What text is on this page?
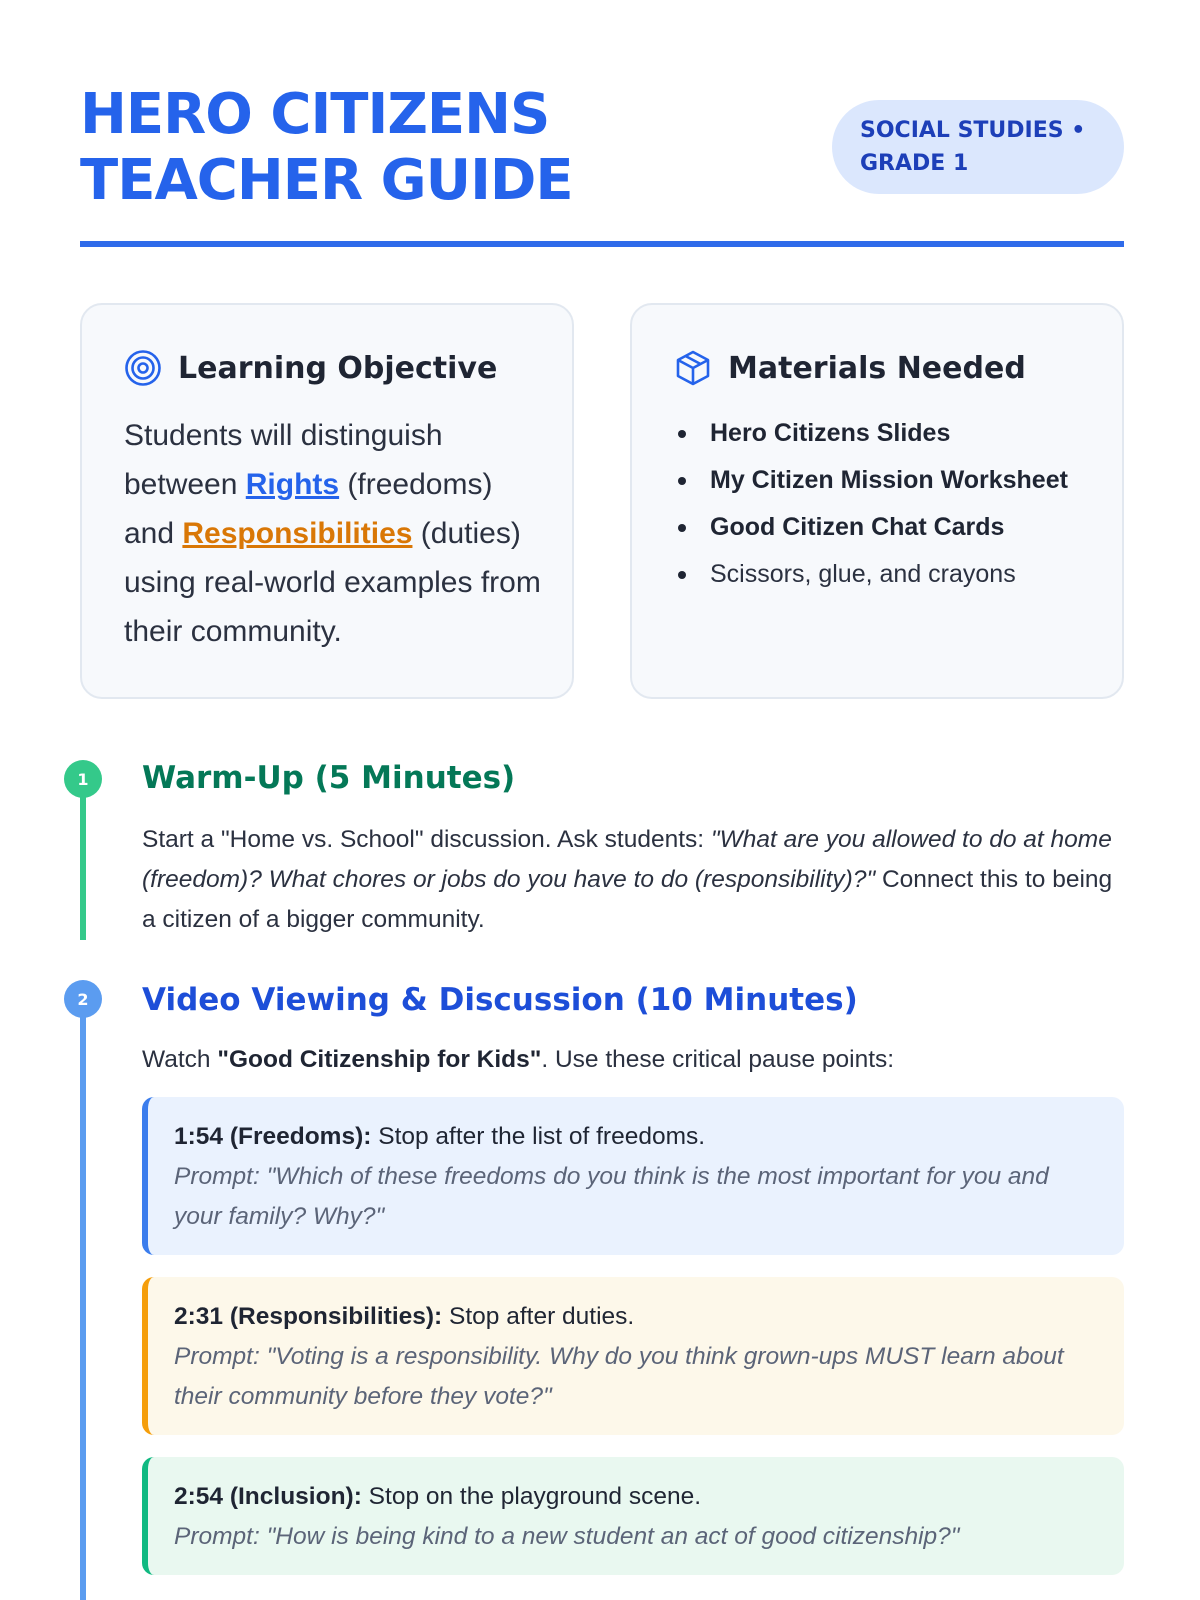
HERO CITIZENS
TEACHER GUIDE
SOCIAL STUDIES •
GRADE 1
Learning Objective

Students will distinguish between Rights (freedoms) and Responsibilities (duties) using real-world examples from their community.

Materials Needed
Hero Citizens Slides
My Citizen Mission Worksheet
Good Citizen Chat Cards
Scissors, glue, and crayons
1	Warm-Up (5 Minutes)

Start a "Home vs. School" discussion. Ask students: "What are you allowed to do at home (freedom)? What chores or jobs do you have to do (responsibility)?" Connect this to being a citizen of a bigger community.

2	Video Viewing & Discussion (10 Minutes)

Watch "Good Citizenship for Kids". Use these critical pause points:

1:54 (Freedoms): Stop after the list of freedoms.
Prompt: "Which of these freedoms do you think is the most important for you and your family? Why?"
2:31 (Responsibilities): Stop after duties.
Prompt: "Voting is a responsibility. Why do you think grown-ups MUST learn about their community before they vote?"
2:54 (Inclusion): Stop on the playground scene.
Prompt: "How is being kind to a new student an act of good citizenship?"
